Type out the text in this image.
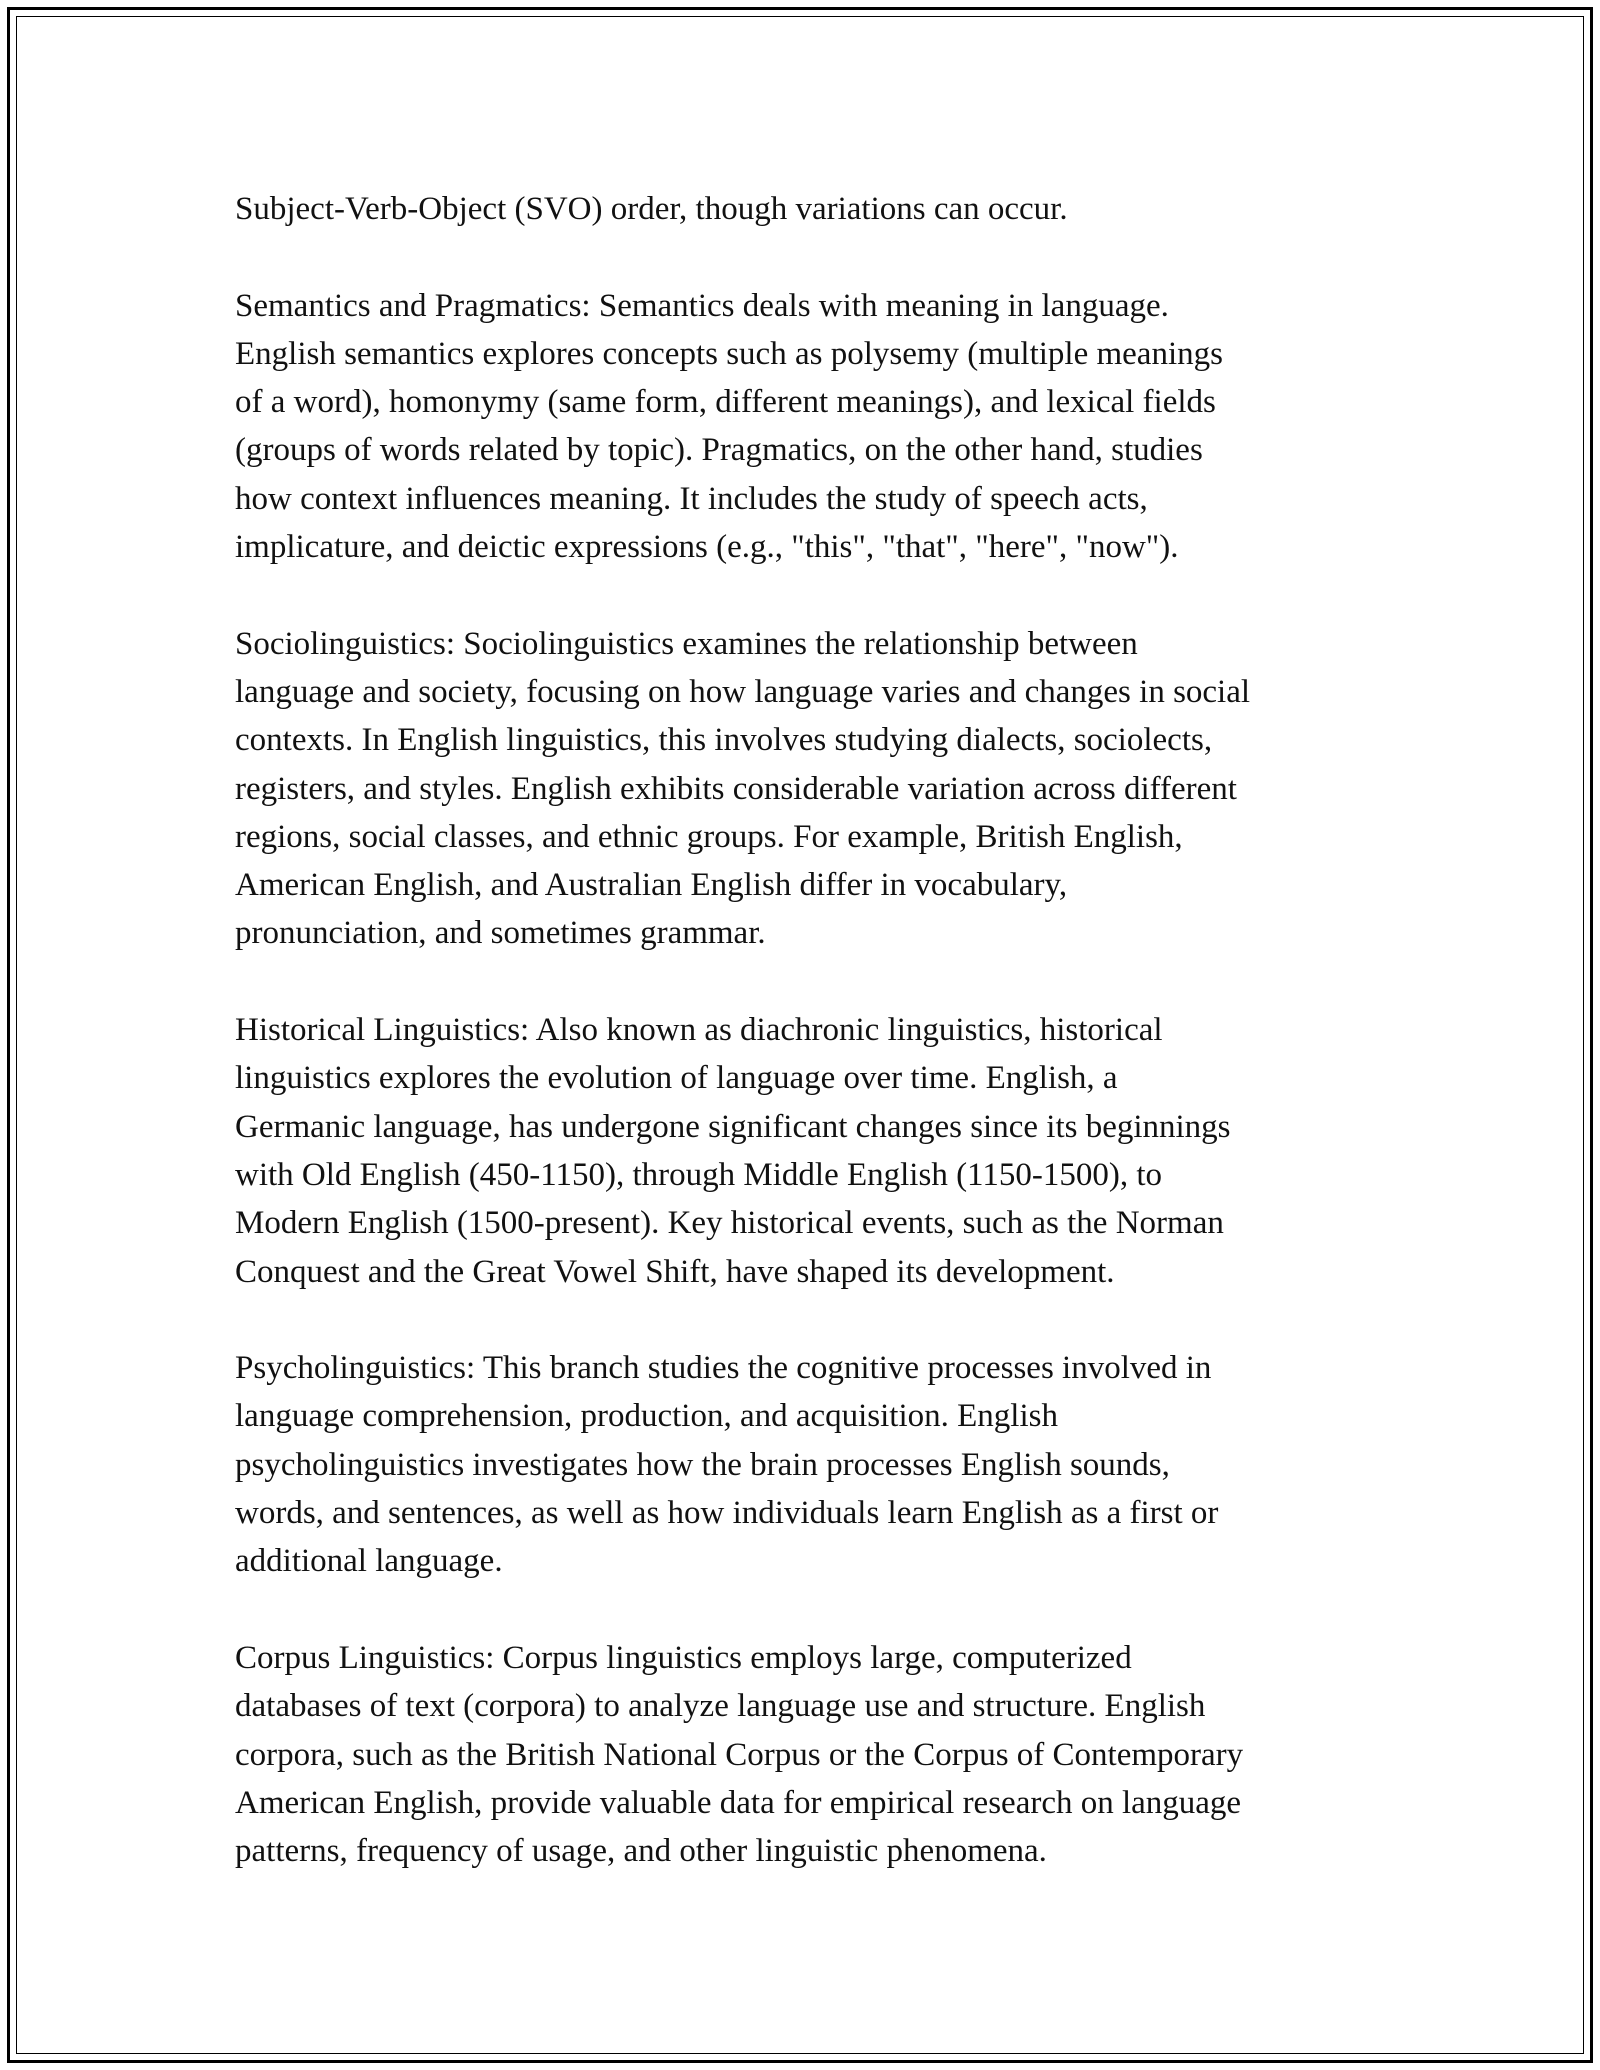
Subject-Verb-Object (SVO) order, though variations can occur.

Semantics and Pragmatics: Semantics deals with meaning in language.
English semantics explores concepts such as polysemy (multiple meanings
of a word), homonymy (same form, different meanings), and lexical fields
(groups of words related by topic). Pragmatics, on the other hand, studies
how context influences meaning. It includes the study of speech acts,
implicature, and deictic expressions (e.g., "this", "that", "here", "now").

Sociolinguistics: Sociolinguistics examines the relationship between
language and society, focusing on how language varies and changes in social
contexts. In English linguistics, this involves studying dialects, sociolects,
registers, and styles. English exhibits considerable variation across different
regions, social classes, and ethnic groups. For example, British English,
American English, and Australian English differ in vocabulary,
pronunciation, and sometimes grammar.

Historical Linguistics: Also known as diachronic linguistics, historical
linguistics explores the evolution of language over time. English, a
Germanic language, has undergone significant changes since its beginnings
with Old English (450-1150), through Middle English (1150-1500), to
Modern English (1500-present). Key historical events, such as the Norman
Conquest and the Great Vowel Shift, have shaped its development.

Psycholinguistics: This branch studies the cognitive processes involved in
language comprehension, production, and acquisition. English
psycholinguistics investigates how the brain processes English sounds,
words, and sentences, as well as how individuals learn English as a first or
additional language.

Corpus Linguistics: Corpus linguistics employs large, computerized
databases of text (corpora) to analyze language use and structure. English
corpora, such as the British National Corpus or the Corpus of Contemporary
American English, provide valuable data for empirical research on language
patterns, frequency of usage, and other linguistic phenomena.
